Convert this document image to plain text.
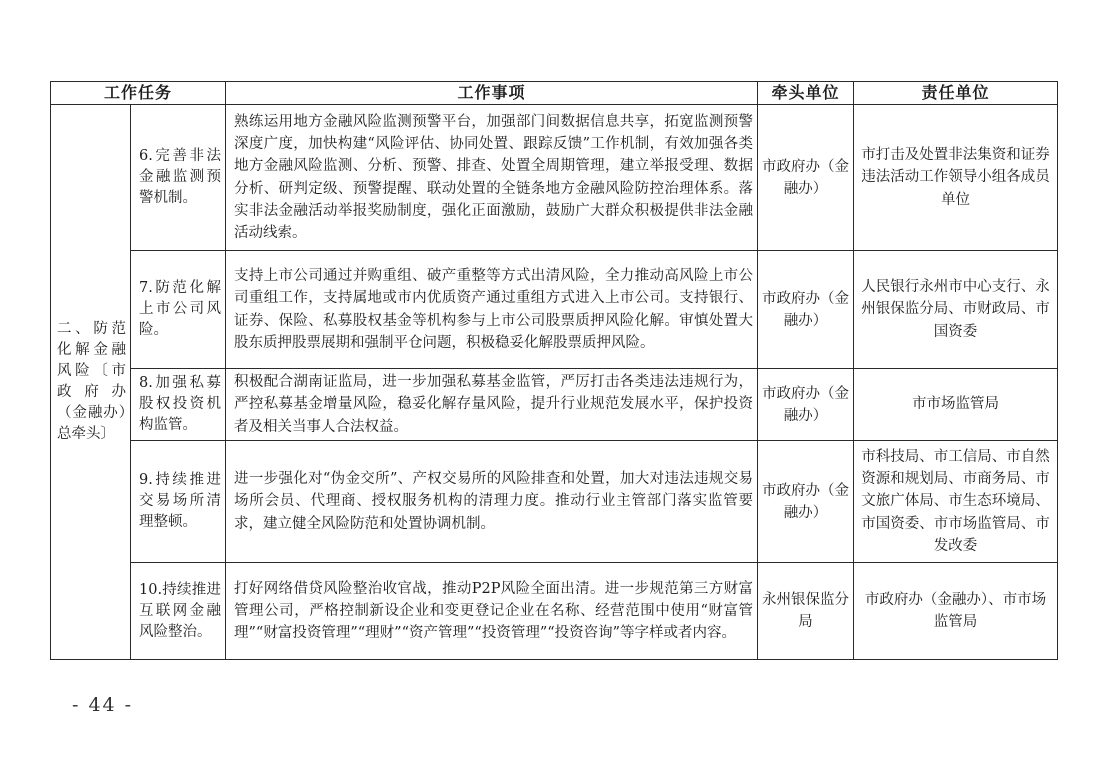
工作任务		工作事项	牵头单位	责任单位
二、防范化解金融风险〔市政府办（金融办）总牵头〕	6.完善非法金融监测预警机制。	熟练运用地方金融风险监测预警平台，加强部门间数据信息共享，拓宽监测预警深度广度，加快构建“风险评估、协同处置、跟踪反馈”工作机制，有效加强各类地方金融风险监测、分析、预警、排查、处置全周期管理，建立举报受理、数据分析、研判定级、预警提醒、联动处置的全链条地方金融风险防控治理体系。落实非法金融活动举报奖励制度，强化正面激励，鼓励广大群众积极提供非法金融活动线索。	市政府办（金融办）	市打击及处置非法集资和证券违法活动工作领导小组各成员单位
	7.防范化解上市公司风险。	支持上市公司通过并购重组、破产重整等方式出清风险，全力推动高风险上市公司重组工作，支持属地或市内优质资产通过重组方式进入上市公司。支持银行、证券、保险、私募股权基金等机构参与上市公司股票质押风险化解。审慎处置大股东质押股票展期和强制平仓问题，积极稳妥化解股票质押风险。	市政府办（金融办）	人民银行永州市中心支行、永州银保监分局、市财政局、市国资委
	8.加强私募股权投资机构监管。	积极配合湖南证监局，进一步加强私募基金监管，严厉打击各类违法违规行为，严控私募基金增量风险，稳妥化解存量风险，提升行业规范发展水平，保护投资者及相关当事人合法权益。	市政府办（金融办）	市市场监管局
	9.持续推进交易场所清理整顿。	进一步强化对“伪金交所”、产权交易所的风险排查和处置，加大对违法违规交易场所会员、代理商、授权服务机构的清理力度。推动行业主管部门落实监管要求，建立健全风险防范和处置协调机制。	市政府办（金融办）	市科技局、市工信局、市自然资源和规划局、市商务局、市文旅广体局、市生态环境局、市国资委、市市场监管局、市发改委
	10.持续推进互联网金融风险整治。	打好网络借贷风险整治收官战，推动P2P风险全面出清。进一步规范第三方财富管理公司，严格控制新设企业和变更登记企业在名称、经营范围中使用“财富管理”“财富投资管理”“理财”“资产管理”“投资管理”“投资咨询”等字样或者内容。	永州银保监分局	市政府办（金融办）、市市场监管局
- 44 -
